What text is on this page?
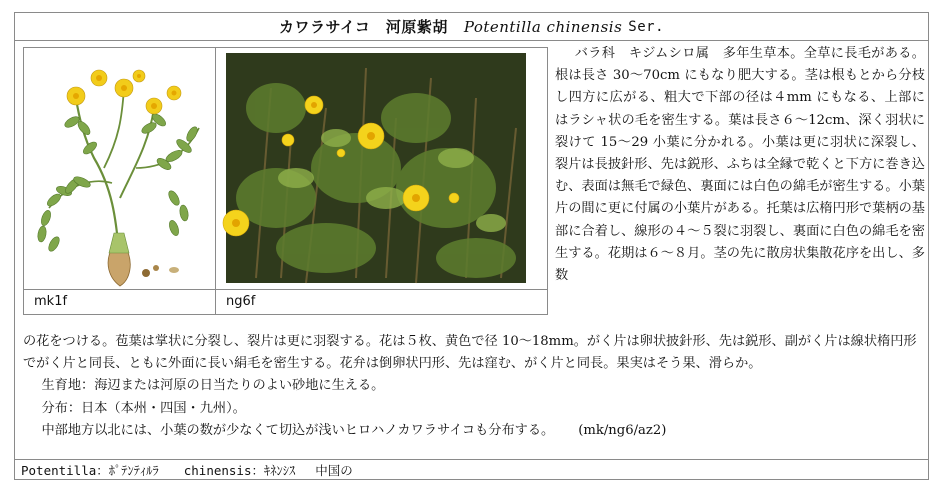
カワラサイコ　河原紫胡 Potentilla chinensis Ser.
mk1f	ng6f

バラ科　キジムシロ属　多年生草本。全草に長毛がある。根は長さ 30～70cm にもなり肥大する。茎は根もとから分枝し四方に広がる、粗大で下部の径は４mm にもなる、上部にはラシャ状の毛を密生する。葉は長さ６～12cm、深く羽状に裂けて 15～29 小葉に分かれる。小葉は更に羽状に深裂し、裂片は長披針形、先は鋭形、ふちは全縁で乾くと下方に巻き込む、表面は無毛で緑色、裏面には白色の綿毛が密生する。小葉片の間に更に付属の小葉片がある。托葉は広楕円形で葉柄の基部に合着し、線形の４～５裂に羽裂し、裏面に白色の綿毛を密生する。花期は６～８月。茎の先に散房状集散花序を出し、多数

の花をつける。苞葉は掌状に分裂し、裂片は更に羽裂する。花は５枚、黄色で径 10～18mm。がく片は卵状披針形、先は鋭形、副がく片は線状楕円形でがく片と同長、ともに外面に長い絹毛を密生する。花弁は倒卵状円形、先は窪む、がく片と同長。果実はそう果、滑らか。

生育地：海辺または河原の日当たりのよい砂地に生える。

分布：日本（本州・四国・九州）。

中部地方以北には、小葉の数が少なくて切込が浅いヒロハノカワラサイコも分布する。 (mk/ng6/az2)

Potentilla：ﾎﾟﾃﾝﾃｨﾙﾗ　　chinensis：ｷﾈﾝｼｽ　 中国の
